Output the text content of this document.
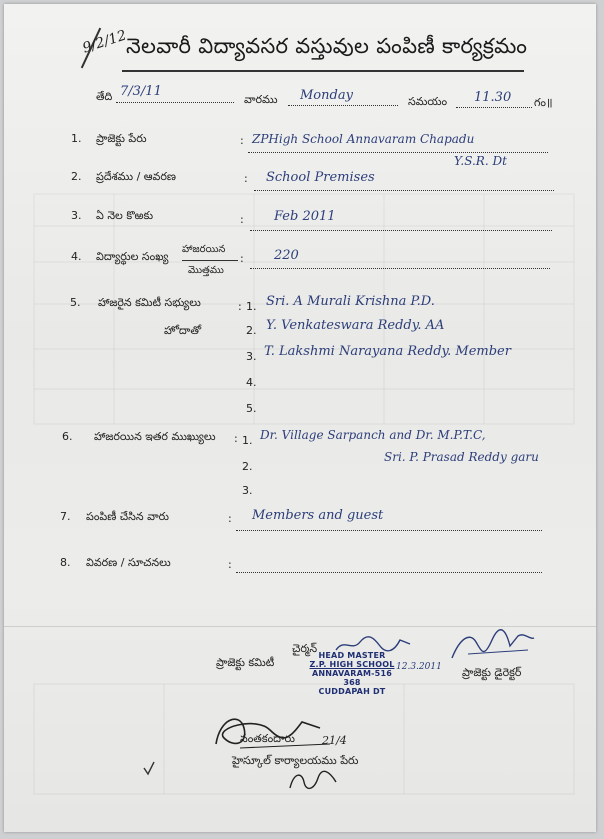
9/2/12
నెలవారీ విద్యావసర వస్తువుల పంపిణీ కార్యక్రమం
తేది 7/3/11
వారము Monday	సమయం 11.30 గం॥
1. ప్రాజెక్టు పేరు	: ZPHigh School Annavaram Chapadu
Y.S.R. Dt
2. ప్రదేశము / ఆవరణ	: School Premises
3. ఏ నెల కొఱకు	: Feb 2011
4. విద్యార్థుల సంఖ్య
హాజరయిన
మొత్తము
: 220
5. హాజరైన కమిటీ సభ్యులు
హోదాతో
: 1. Sri. A Murali Krishna P.D.
2. Y. Venkateswara Reddy. AA
3. T. Lakshmi Narayana Reddy. Member
4.
5.
6. హాజరయిన ఇతర ముఖ్యులు : 1. Dr. Village Sarpanch and Dr. M.P.T.C,
Sri. P. Prasad Reddy garu
2.
3.
7. పంపిణీ చేసిన వారు	: Members and guest
8. వివరణ / సూచనలు	:
ప్రాజెక్టు కమిటీ
చైర్మన్
12.3.2011
HEAD MASTER
Z.P. HIGH SCHOOL
ANNAVARAM-516 368
CUDDAPAH DT
ప్రాజెక్టు డైరెక్టర్
21/4
సంతకందారు
హైస్కూల్ కార్యాలయము పేరు
